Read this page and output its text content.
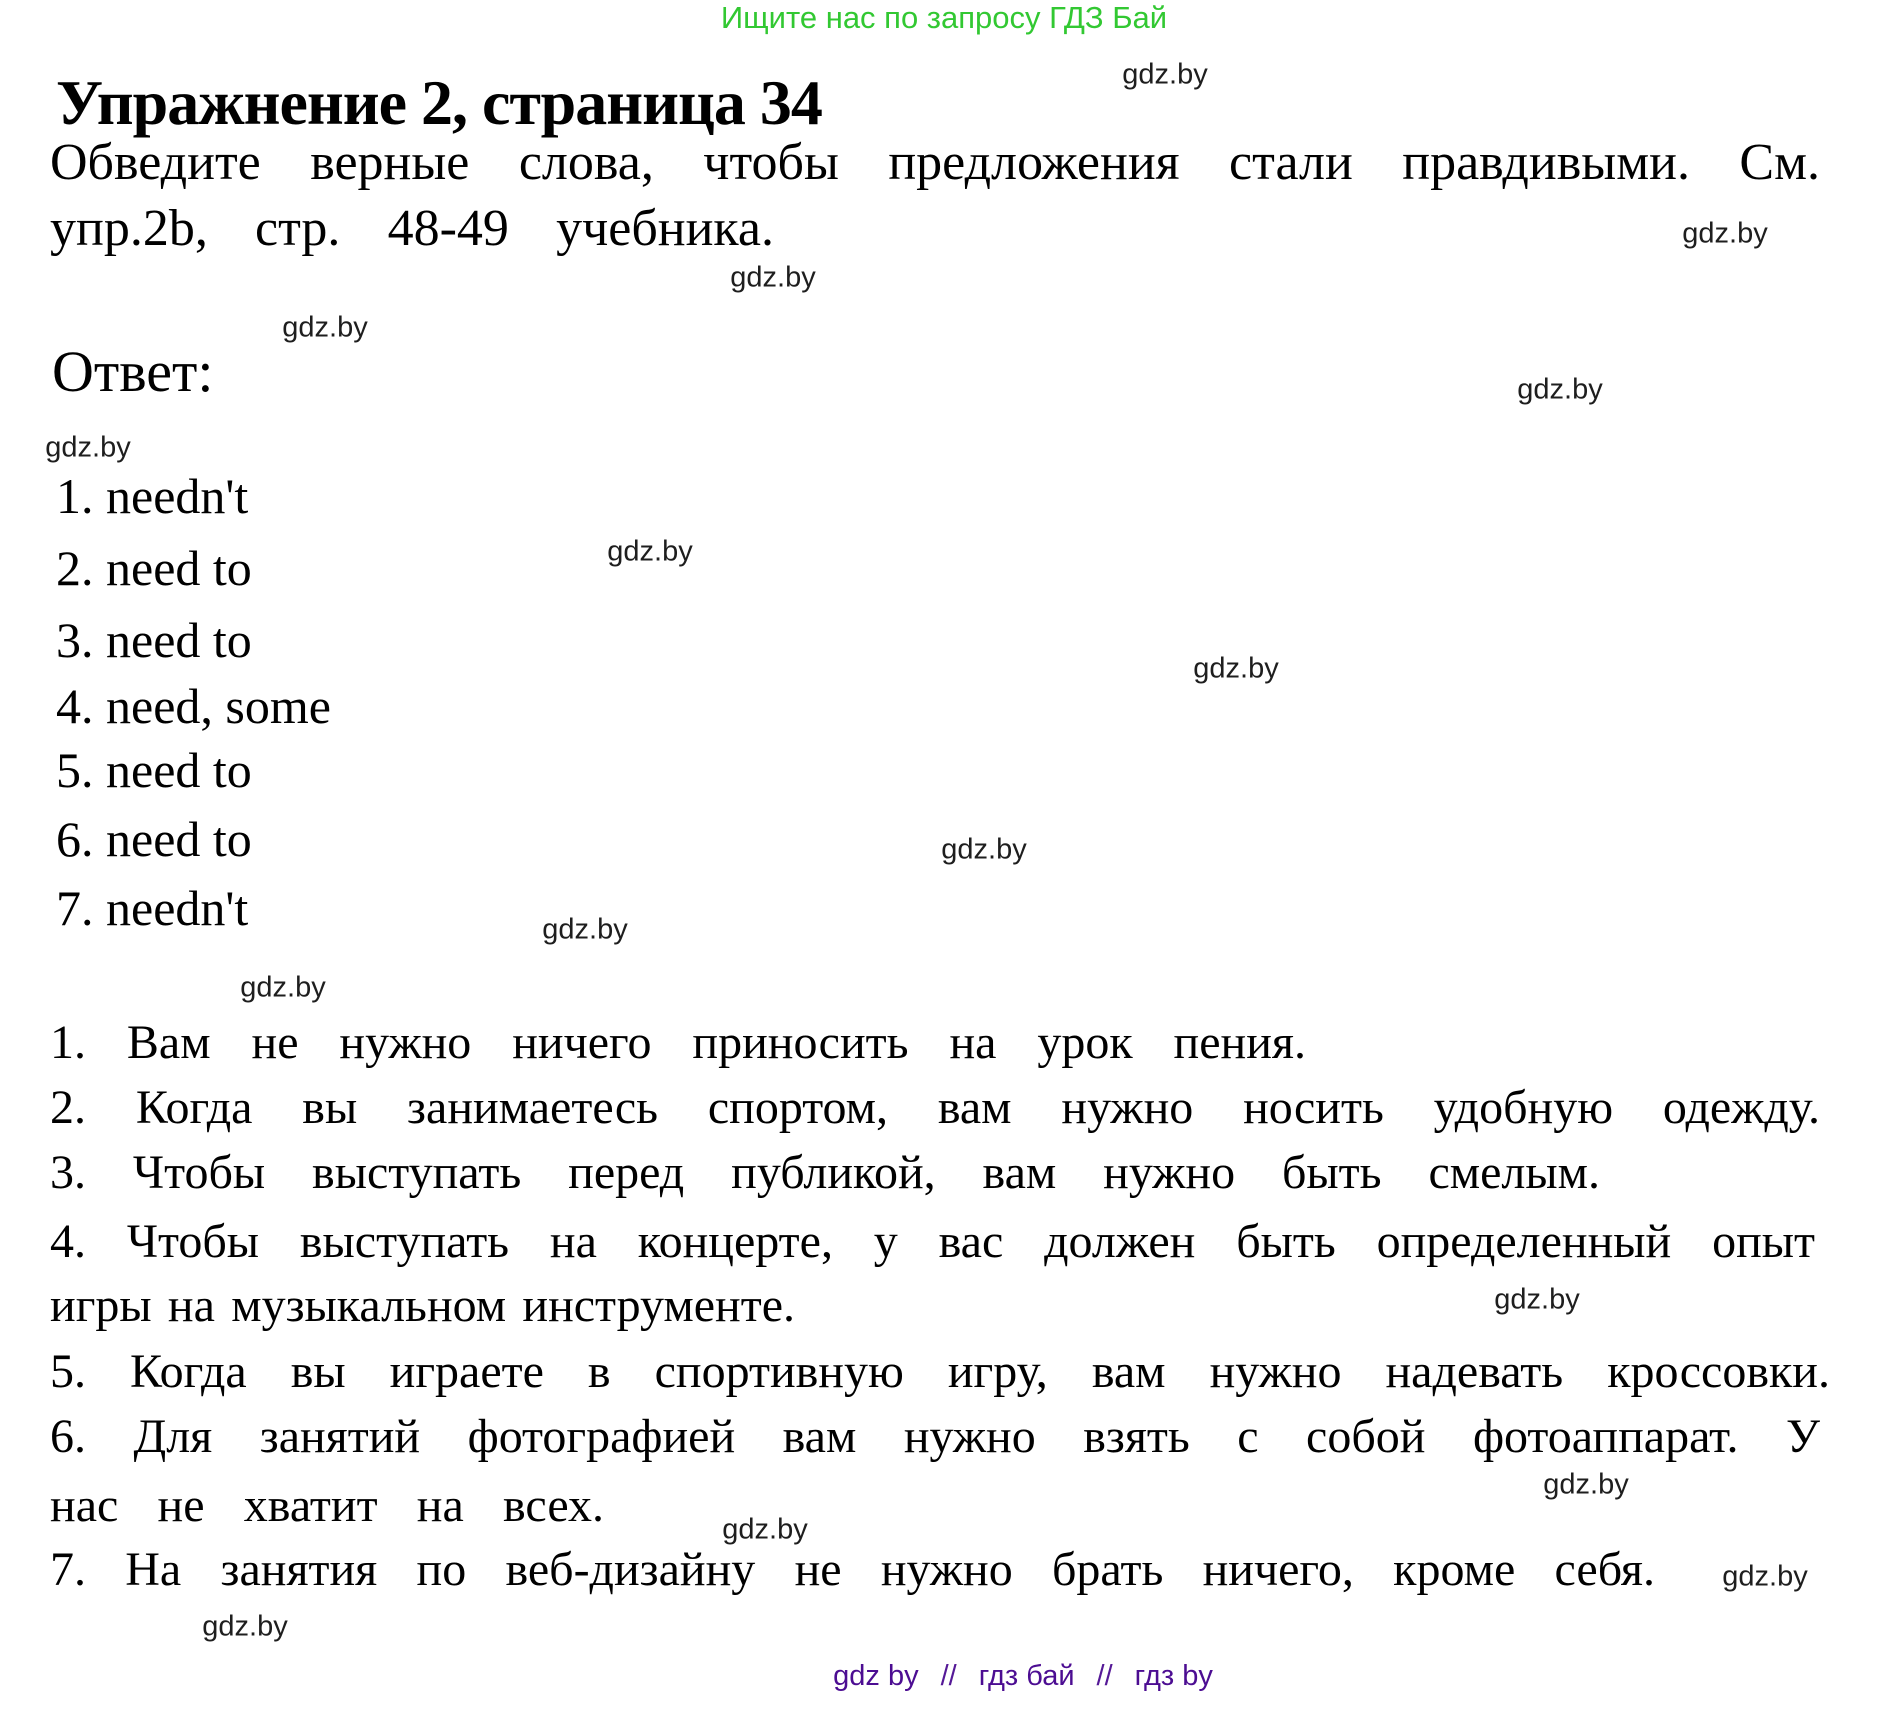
Ищите нас по запросу ГДЗ Бай
Упражнение 2, страница 34
Обведите верные слова, чтобы предложения стали правдивыми. См.
упр.2b, стр. 48-49 учебника.
Ответ:
1. needn't
2. need to
3. need to
4. need, some
5. need to
6. need to
7. needn't
1. Вам не нужно ничего приносить на урок пения.
2. Когда вы занимаетесь спортом, вам нужно носить удобную одежду.
3. Чтобы выступать перед публикой, вам нужно быть смелым.
4. Чтобы выступать на концерте, у вас должен быть определенный опыт
игры на музыкальном инструменте.
5. Когда вы играете в спортивную игру, вам нужно надевать кроссовки.
6. Для занятий фотографией вам нужно взять с собой фотоаппарат. У
нас не хватит на всех.
7. На занятия по веб-дизайну не нужно брать ничего, кроме себя.
gdz.by
gdz.by
gdz.by
gdz.by
gdz.by
gdz.by
gdz.by
gdz.by
gdz.by
gdz.by
gdz.by
gdz.by
gdz.by
gdz.by
gdz.by
gdz.by
gdz by // гдз бай // гдз by
